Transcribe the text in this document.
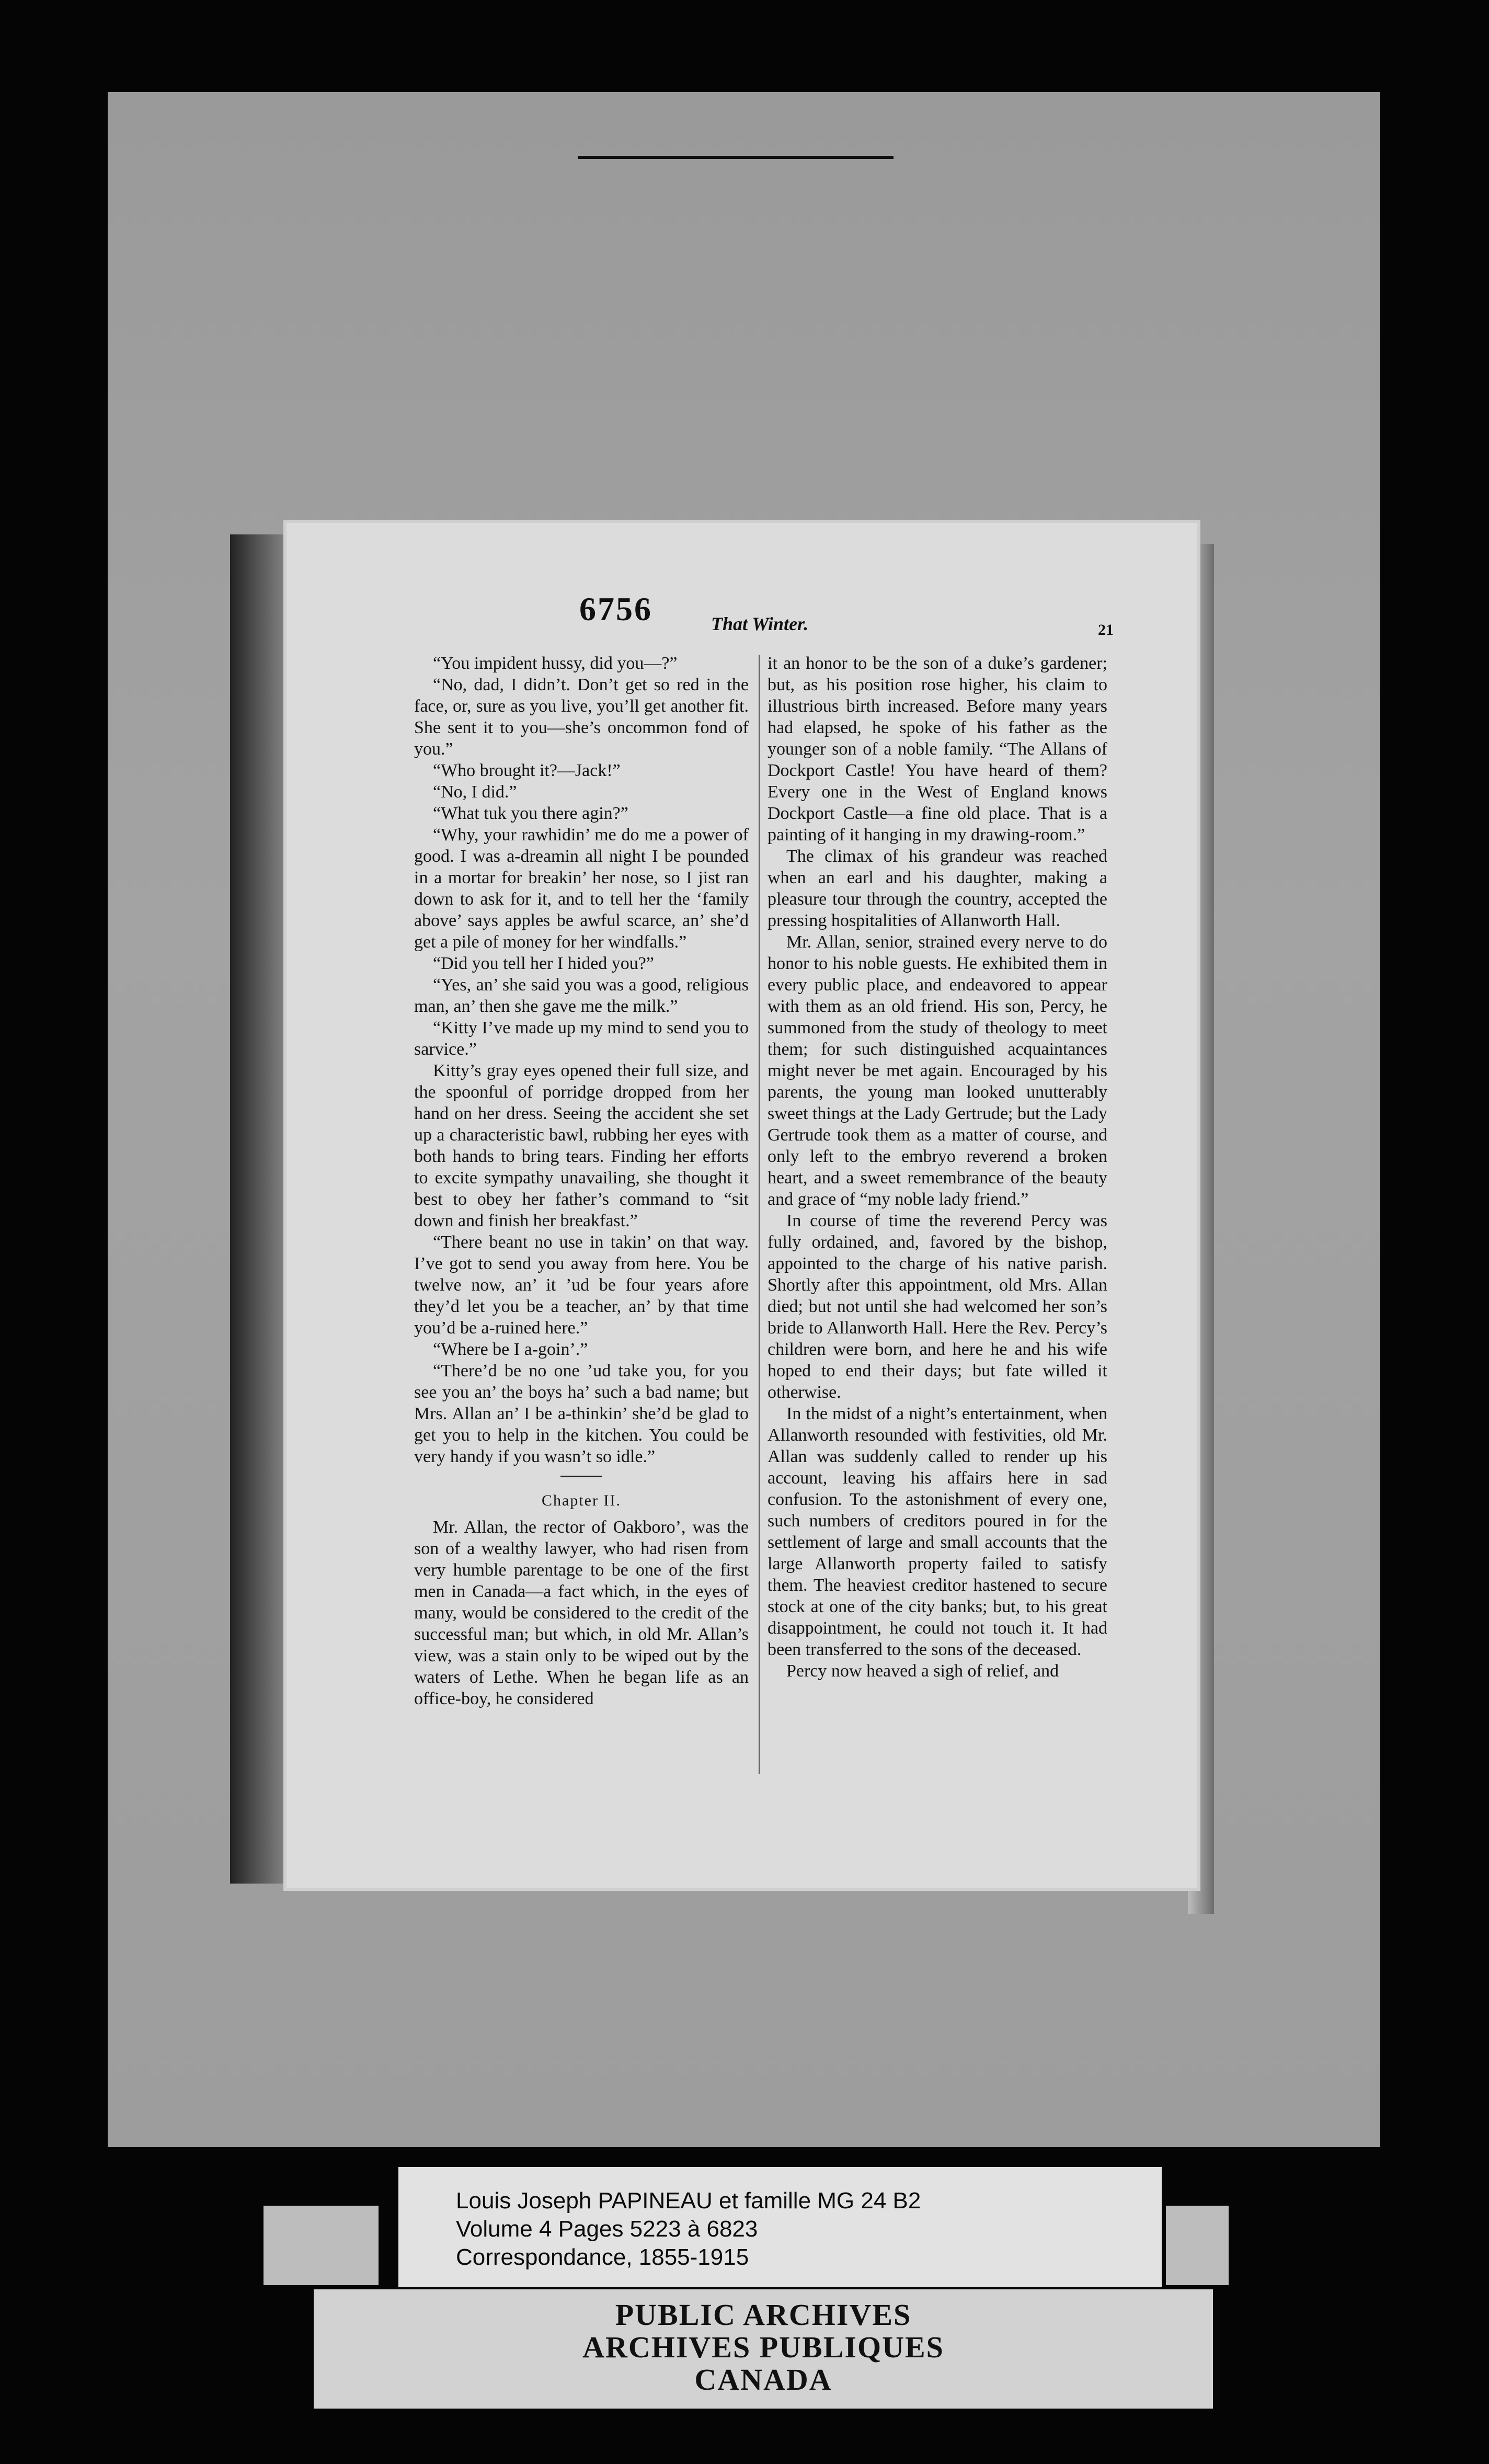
6756	That Winter.	21

“You impident hussy, did you—?”

“No, dad, I didn’t. Don’t get so red in the face, or, sure as you live, you’ll get another fit. She sent it to you—she’s oncommon fond of you.”

“Who brought it?—Jack!”

“No, I did.”

“What tuk you there agin?”

“Why, your rawhidin’ me do me a power of good. I was a-dreamin all night I be pounded in a mortar for breakin’ her nose, so I jist ran down to ask for it, and to tell her the ‘family above’ says apples be awful scarce, an’ she’d get a pile of money for her windfalls.”

“Did you tell her I hided you?”

“Yes, an’ she said you was a good, religious man, an’ then she gave me the milk.”

“Kitty I’ve made up my mind to send you to sarvice.”

Kitty’s gray eyes opened their full size, and the spoonful of porridge dropped from her hand on her dress. Seeing the accident she set up a characteristic bawl, rubbing her eyes with both hands to bring tears. Finding her efforts to excite sympathy unavailing, she thought it best to obey her father’s command to “sit down and finish her breakfast.”

“There beant no use in takin’ on that way. I’ve got to send you away from here. You be twelve now, an’ it ’ud be four years afore they’d let you be a teacher, an’ by that time you’d be a-ruined here.”

“Where be I a-goin’.”

“There’d be no one ’ud take you, for you see you an’ the boys ha’ such a bad name; but Mrs. Allan an’ I be a-thinkin’ she’d be glad to get you to help in the kitchen. You could be very handy if you wasn’t so idle.”

Chapter II.

Mr. Allan, the rector of Oakboro’, was the son of a wealthy lawyer, who had risen from very humble parentage to be one of the first men in Canada—a fact which, in the eyes of many, would be considered to the credit of the successful man; but which, in old Mr. Allan’s view, was a stain only to be wiped out by the waters of Lethe. When he began life as an office-boy, he considered

it an honor to be the son of a duke’s gardener; but, as his position rose higher, his claim to illustrious birth increased. Before many years had elapsed, he spoke of his father as the younger son of a noble family. “The Allans of Dockport Castle! You have heard of them? Every one in the West of England knows Dockport Castle—a fine old place. That is a painting of it hanging in my drawing-room.”

The climax of his grandeur was reached when an earl and his daughter, making a pleasure tour through the country, accepted the pressing hospitalities of Allanworth Hall.

Mr. Allan, senior, strained every nerve to do honor to his noble guests. He exhibited them in every public place, and endeavored to appear with them as an old friend. His son, Percy, he summoned from the study of theology to meet them; for such distinguished acquaintances might never be met again. Encouraged by his parents, the young man looked unutterably sweet things at the Lady Gertrude; but the Lady Gertrude took them as a matter of course, and only left to the embryo reverend a broken heart, and a sweet remembrance of the beauty and grace of “my noble lady friend.”

In course of time the reverend Percy was fully ordained, and, favored by the bishop, appointed to the charge of his native parish. Shortly after this appointment, old Mrs. Allan died; but not until she had welcomed her son’s bride to Allanworth Hall. Here the Rev. Percy’s children were born, and here he and his wife hoped to end their days; but fate willed it otherwise.

In the midst of a night’s entertainment, when Allanworth resounded with festivities, old Mr. Allan was suddenly called to render up his account, leaving his affairs here in sad confusion. To the astonishment of every one, such numbers of creditors poured in for the settlement of large and small accounts that the large Allanworth property failed to satisfy them. The heaviest creditor hastened to secure stock at one of the city banks; but, to his great disappointment, he could not touch it. It had been transferred to the sons of the deceased.

Percy now heaved a sigh of relief, and

Louis Joseph PAPINEAU et famille MG 24 B2
Volume 4 Pages 5223 à 6823
Correspondance, 1855-1915
PUBLIC ARCHIVES
ARCHIVES PUBLIQUES
CANADA
